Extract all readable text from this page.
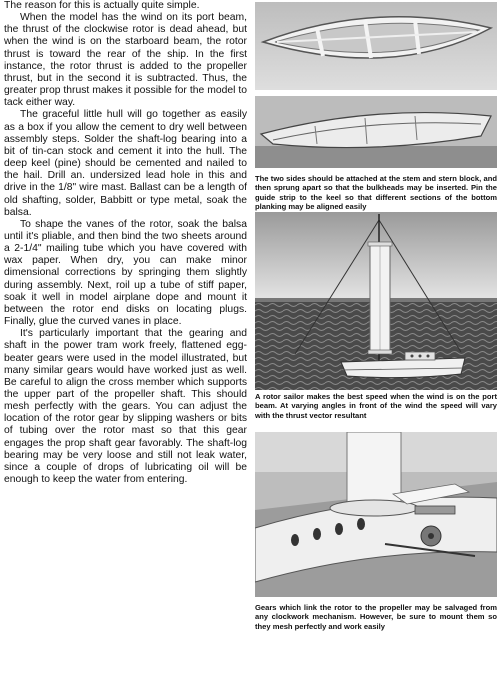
The reason for this is actually quite simple.

When the model has the wind on its port beam, the thrust of the clockwise rotor is dead ahead, but when the wind is on the starboard beam, the rotor thrust is toward the rear of the ship. In the first instance, the rotor thrust is added to the propeller thrust, but in the second it is subtracted. Thus, the greater prop thrust makes it possible for the model to tack either way.

The graceful little hull will go together as easily as a box if you allow the cement to dry well between assembly steps. Solder the shaft-log bearing into a bit of tin-can stock and cement it into the hull. The deep keel (pine) should be cemented and nailed to the hail. Drill an. undersized lead hole in this and drive in the 1/8" wire mast. Ballast can be a length of old shafting, solder, Babbitt or type metal, soak the balsa.

To shape the vanes of the rotor, soak the balsa until it's pliable, and then bind the two sheets around a 2-1/4" mailing tube which you have covered with wax paper. When dry, you can make minor dimensional corrections by springing them slightly during assembly. Next, roil up a tube of stiff paper, soak it well in model airplane dope and mount it between the rotor end disks on locating plugs. Finally, glue the curved vanes in place.

It's particularly important that the gearing and shaft in the power tram work freely, flattened egg-beater gears were used in the model illustrated, but many similar gears would have worked just as well. Be careful to align the cross member which supports the upper part of the propeller shaft. This should mesh perfectly with the gears. You can adjust the location of the rotor gear by slipping washers or bits of tubing over the rotor mast so that this gear engages the prop shaft gear favorably. The shaft-log bearing may be very loose and still not leak water, since a couple of drops of lubricating oil will be enough to keep the water from entering.

The two sides should be attached at the stem and stern block, and then sprung apart so that the bulkheads may be inserted. Pin the guide strip to the keel so that different sections of the bottom planking may be aligned easily
A rotor sailor makes the best speed when the wind is on the port beam. At varying angles in front of the wind the speed will vary with the thrust vector resultant
Gears which link the rotor to the propeller may be salvaged from any clockwork mechanism. However, be sure to mount them so they mesh perfectly and work easily
